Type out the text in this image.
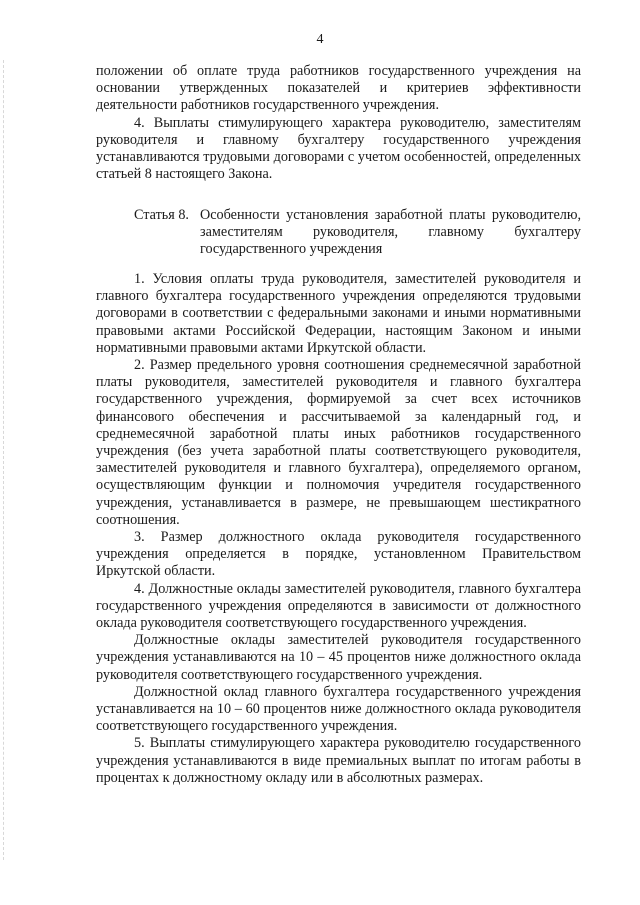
4

положении об оплате труда работников государственного учреждения на основании утвержденных показателей и критериев эффективности деятельности работников государственного учреждения.

4. Выплаты стимулирующего характера руководителю, заместителям руководителя и главному бухгалтеру государственного учреждения устанавливаются трудовыми договорами с учетом особенностей, определенных статьей 8 настоящего Закона.

Статья 8. Особенности установления заработной платы руководителю, заместителям руководителя, главному бухгалтеру государственного учреждения

1. Условия оплаты труда руководителя, заместителей руководителя и главного бухгалтера государственного учреждения определяются трудовыми договорами в соответствии с федеральными законами и иными нормативными правовыми актами Российской Федерации, настоящим Законом и иными нормативными правовыми актами Иркутской области.

2. Размер предельного уровня соотношения среднемесячной заработной платы руководителя, заместителей руководителя и главного бухгалтера государственного учреждения, формируемой за счет всех источников финансового обеспечения и рассчитываемой за календарный год, и среднемесячной заработной платы иных работников государственного учреждения (без учета заработной платы соответствующего руководителя, заместителей руководителя и главного бухгалтера), определяемого органом, осуществляющим функции и полномочия учредителя государственного учреждения, устанавливается в размере, не превышающем шестикратного соотношения.

3. Размер должностного оклада руководителя государственного учреждения определяется в порядке, установленном Правительством Иркутской области.

4. Должностные оклады заместителей руководителя, главного бухгалтера государственного учреждения определяются в зависимости от должностного оклада руководителя соответствующего государственного учреждения.

Должностные оклады заместителей руководителя государственного учреждения устанавливаются на 10 – 45 процентов ниже должностного оклада руководителя соответствующего государственного учреждения.

Должностной оклад главного бухгалтера государственного учреждения устанавливается на 10 – 60 процентов ниже должностного оклада руководителя соответствующего государственного учреждения.

5. Выплаты стимулирующего характера руководителю государственного учреждения устанавливаются в виде премиальных выплат по итогам работы в процентах к должностному окладу или в абсолютных размерах.
